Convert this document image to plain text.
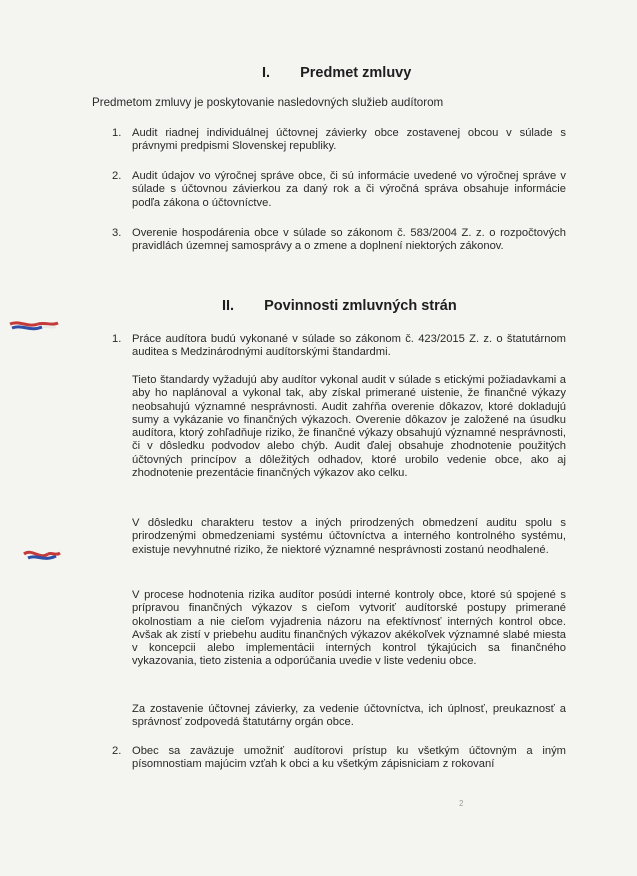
I. Predmet zmluvy
Predmetom zmluvy je poskytovanie nasledovných služieb audítorom
1. Audit riadnej individuálnej účtovnej závierky obce zostavenej obcou v súlade s právnymi predpismi Slovenskej republiky.
2. Audit údajov vo výročnej správe obce, či sú informácie uvedené vo výročnej správe v súlade s účtovnou závierkou za daný rok a či výročná správa obsahuje informácie podľa zákona o účtovníctve.
3. Overenie hospodárenia obce v súlade so zákonom č. 583/2004 Z. z. o rozpočtových pravidlách územnej samosprávy a o zmene a doplnení niektorých zákonov.
II. Povinnosti zmluvných strán
1. Práce audítora budú vykonané v súlade so zákonom č. 423/2015 Z. z. o štatutárnom auditea s Medzinárodnými audítorskými štandardmi.
Tieto štandardy vyžadujú aby audítor vykonal audit v súlade s etickými požiadavkami a aby ho naplánoval a vykonal tak, aby získal primerané uistenie, že finančné výkazy neobsahujú významné nesprávnosti. Audit zahŕňa overenie dôkazov, ktoré dokladujú sumy a vykázanie vo finančných výkazoch. Overenie dôkazov je založené na úsudku audítora, ktorý zohľadňuje riziko, že finančné výkazy obsahujú významné nesprávnosti, či v dôsledku podvodov alebo chýb. Audit ďalej obsahuje zhodnotenie použitých účtovných princípov a dôležitých odhadov, ktoré urobilo vedenie obce, ako aj zhodnotenie prezentácie finančných výkazov ako celku.
V dôsledku charakteru testov a iných prirodzených obmedzení auditu spolu s prirodzenými obmedzeniami systému účtovníctva a interného kontrolného systému, existuje nevyhnutné riziko, že niektoré významné nesprávnosti zostanú neodhalené.
V procese hodnotenia rizika audítor posúdi interné kontroly obce, ktoré sú spojené s prípravou finančných výkazov s cieľom vytvoriť audítorské postupy primerané okolnostiam a nie cieľom vyjadrenia názoru na efektívnosť interných kontrol obce. Avšak ak zistí v priebehu auditu finančných výkazov akékoľvek významné slabé miesta v koncepcii alebo implementácii interných kontrol týkajúcich sa finančného vykazovania, tieto zistenia a odporúčania uvedie v liste vedeniu obce.
Za zostavenie účtovnej závierky, za vedenie účtovníctva, ich úplnosť, preukaznosť a správnosť zodpovedá štatutárny orgán obce.
2. Obec sa zaväzuje umožniť audítorovi prístup ku všetkým účtovným a iným písomnostiam majúcim vzťah k obci a ku všetkým zápisniciam z rokovaní
2
